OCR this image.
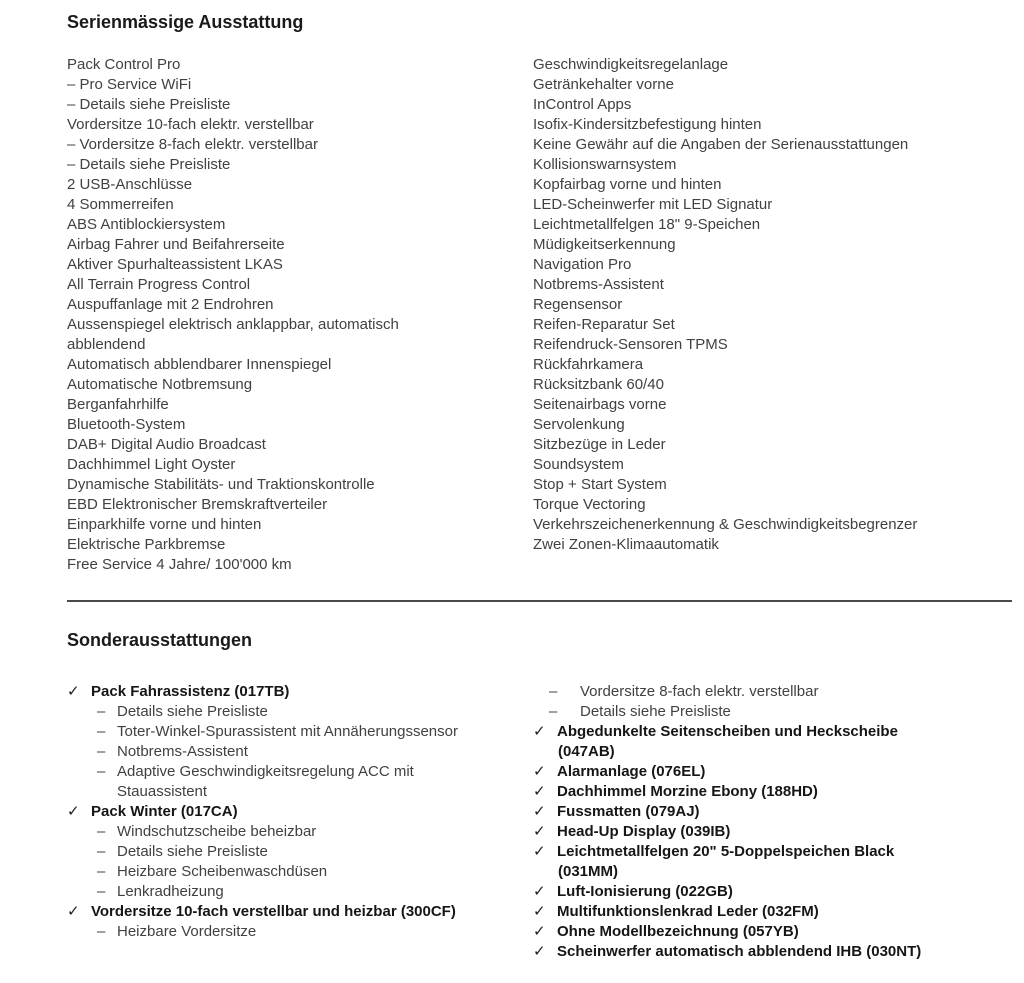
Serienmässige Ausstattung
Pack Control Pro
– Pro Service WiFi
– Details siehe Preisliste
Vordersitze 10-fach elektr. verstellbar
– Vordersitze 8-fach elektr. verstellbar
– Details siehe Preisliste
2 USB-Anschlüsse
4 Sommerreifen
ABS Antiblockiersystem
Airbag Fahrer und Beifahrerseite
Aktiver Spurhalteassistent LKAS
All Terrain Progress Control
Auspuffanlage mit 2 Endrohren
Aussenspiegel elektrisch anklappbar, automatisch
abblendend
Automatisch abblendbarer Innenspiegel
Automatische Notbremsung
Berganfahrhilfe
Bluetooth-System
DAB+ Digital Audio Broadcast
Dachhimmel Light Oyster
Dynamische Stabilitäts- und Traktionskontrolle
EBD Elektronischer Bremskraftverteiler
Einparkhilfe vorne und hinten
Elektrische Parkbremse
Free Service 4 Jahre/ 100'000 km
Geschwindigkeitsregelanlage
Getränkehalter vorne
InControl Apps
Isofix-Kindersitzbefestigung hinten
Keine Gewähr auf die Angaben der Serienausstattungen
Kollisionswarnsystem
Kopfairbag vorne und hinten
LED-Scheinwerfer mit LED Signatur
Leichtmetallfelgen 18" 9-Speichen
Müdigkeitserkennung
Navigation Pro
Notbrems-Assistent
Regensensor
Reifen-Reparatur Set
Reifendruck-Sensoren TPMS
Rückfahrkamera
Rücksitzbank 60/40
Seitenairbags vorne
Servolenkung
Sitzbezüge in Leder
Soundsystem
Stop + Start System
Torque Vectoring
Verkehrszeichenerkennung & Geschwindigkeitsbegrenzer
Zwei Zonen-Klimaautomatik
Sonderausstattungen
✓ Pack Fahrassistenz (017TB)
– Details siehe Preisliste
– Toter-Winkel-Spurassistent mit Annäherungssensor
– Notbrems-Assistent
– Adaptive Geschwindigkeitsregelung ACC mit
Stauassistent
✓ Pack Winter (017CA)
– Windschutzscheibe beheizbar
– Details siehe Preisliste
– Heizbare Scheibenwaschdüsen
– Lenkradheizung
✓ Vordersitze 10-fach verstellbar und heizbar (300CF)
– Heizbare Vordersitze
–	Vordersitze 8-fach elektr. verstellbar
–	Details siehe Preisliste
✓ Abgedunkelte Seitenscheiben und Heckscheibe
(047AB)
✓ Alarmanlage (076EL)
✓ Dachhimmel Morzine Ebony (188HD)
✓ Fussmatten (079AJ)
✓ Head-Up Display (039IB)
✓ Leichtmetallfelgen 20" 5-Doppelspeichen Black
(031MM)
✓ Luft-Ionisierung (022GB)
✓ Multifunktionslenkrad Leder (032FM)
✓ Ohne Modellbezeichnung (057YB)
✓ Scheinwerfer automatisch abblendend IHB (030NT)
